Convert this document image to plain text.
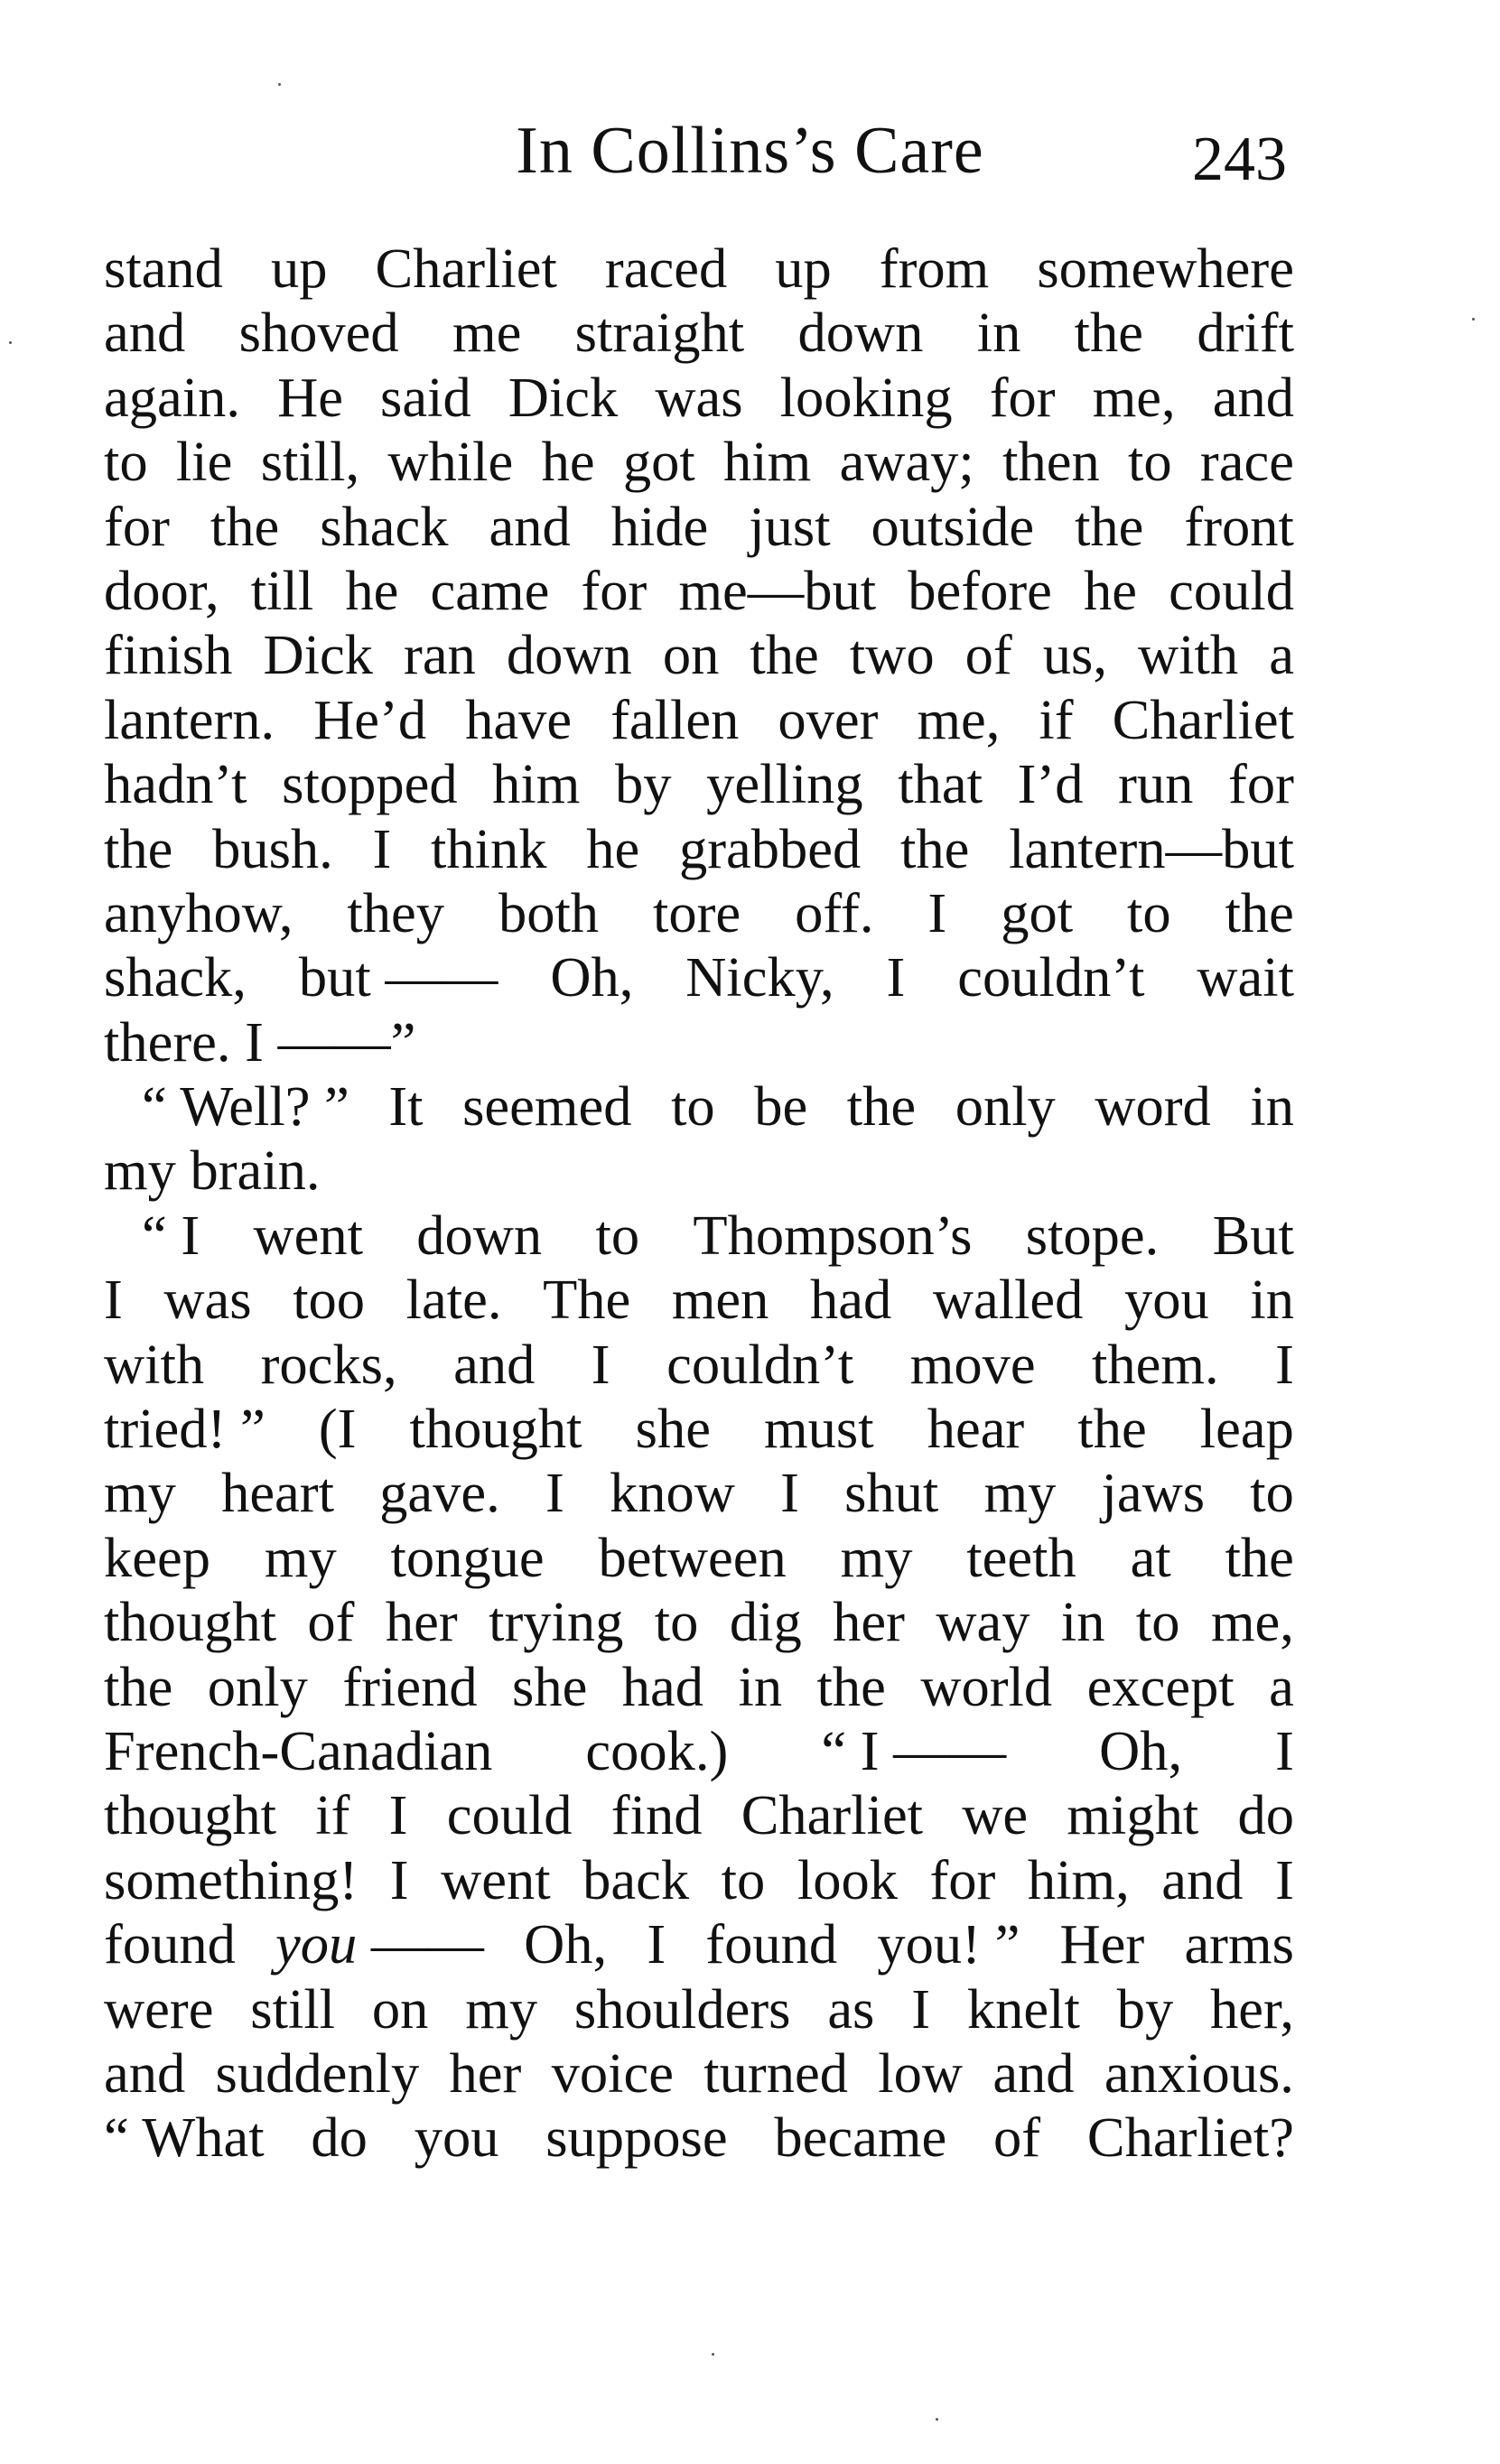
In Collins’s Care	243
stand up Charliet raced up from somewhere
and shoved me straight down in the drift
again. He said Dick was looking for me, and
to lie still, while he got him away; then to race
for the shack and hide just outside the front
door, till he came for me—but before he could
finish Dick ran down on the two of us, with a
lantern. He’d have fallen over me, if Charliet
hadn’t stopped him by yelling that I’d run for
the bush. I think he grabbed the lantern—but
anyhow, they both tore off. I got to the
shack, but —— Oh, Nicky, I couldn’t wait
there. I ——”
“ Well? ” It seemed to be the only word in
my brain.
“ I went down to Thompson’s stope. But
I was too late. The men had walled you in
with rocks, and I couldn’t move them. I
tried! ” (I thought she must hear the leap
my heart gave. I know I shut my jaws to
keep my tongue between my teeth at the
thought of her trying to dig her way in to me,
the only friend she had in the world except a
French-Canadian cook.) “ I —— Oh, I
thought if I could find Charliet we might do
something! I went back to look for him, and I
found you —— Oh, I found you! ” Her arms
were still on my shoulders as I knelt by her,
and suddenly her voice turned low and anxious.
“ What do you suppose became of Charliet?
